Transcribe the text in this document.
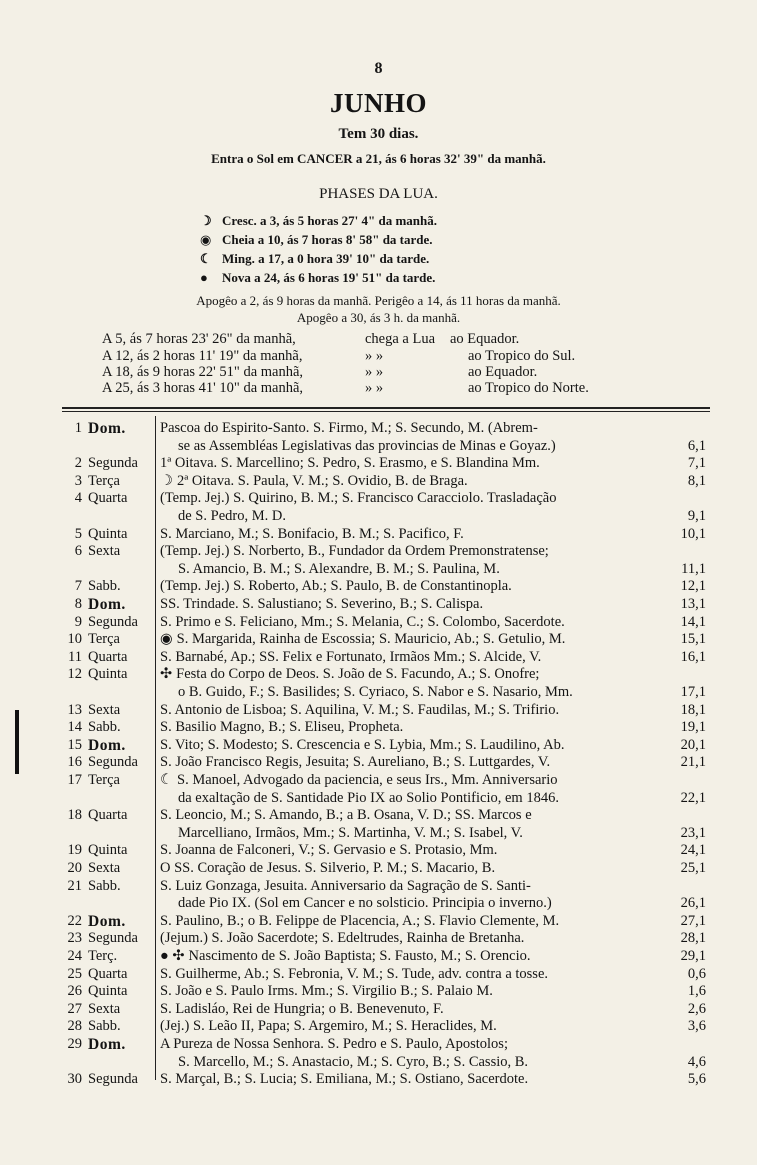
8
JUNHO
Tem 30 dias.
Entra o Sol em CANCER a 21, ás 6 horas 32' 39" da manhã.
PHASES DA LUA.
☽ Cresc. a 3, ás 5 horas 27' 4" da manhã.
◉ Cheia a 10, ás 7 horas 8' 58" da tarde.
☾ Ming. a 17, a 0 hora 39' 10" da tarde.
● Nova a 24, ás 6 horas 19' 51" da tarde.
Apogêo a 2, ás 9 horas da manhã. Perigêo a 14, ás 11 horas da manhã.
Apogêo a 30, ás 3 h. da manhã.
A 5, ás 7 horas 23' 26" da manhã,	chega a Lua ao Equador.
A 12, ás 2 horas 11' 19" da manhã,	» »	ao Tropico do Sul.
A 18, ás 9 horas 22' 51" da manhã,	» »	ao Equador.
A 25, ás 3 horas 41' 10" da manhã,	» »	ao Tropico do Norte.
1 Dom. Pascoa do Espirito-Santo. S. Firmo, M.; S. Secundo, M. (Abrem-
se as Assembléas Legislativas das provincias de Minas e Goyaz.)	6,1
2 Segunda 1ª Oitava. S. Marcellino; S. Pedro, S. Erasmo, e S. Blandina Mm.	7,1
3 Terça	☽ 2ª Oitava. S. Paula, V. M.; S. Ovidio, B. de Braga.	8,1
4 Quarta (Temp. Jej.) S. Quirino, B. M.; S. Francisco Caracciolo. Trasladação
de S. Pedro, M. D.	9,1
5 Quinta S. Marciano, M.; S. Bonifacio, B. M.; S. Pacifico, F.	10,1
6 Sexta	(Temp. Jej.) S. Norberto, B., Fundador da Ordem Premonstratense;
S. Amancio, B. M.; S. Alexandre, B. M.; S. Paulina, M.	11,1
7 Sabb.	(Temp. Jej.) S. Roberto, Ab.; S. Paulo, B. de Constantinopla.	12,1
8 Dom. SS. Trindade. S. Salustiano; S. Severino, B.; S. Calispa.	13,1
9 Segunda S. Primo e S. Feliciano, Mm.; S. Melania, C.; S. Colombo, Sacerdote.	14,1
10 Terça	◉ S. Margarida, Rainha de Escossia; S. Mauricio, Ab.; S. Getulio, M.	15,1
11 Quarta S. Barnabé, Ap.; SS. Felix e Fortunato, Irmãos Mm.; S. Alcide, V.	16,1
12 Quinta ✣ Festa do Corpo de Deos. S. João de S. Facundo, A.; S. Onofre;
o B. Guido, F.; S. Basilides; S. Cyriaco, S. Nabor e S. Nasario, Mm.	17,1
13 Sexta	S. Antonio de Lisboa; S. Aquilina, V. M.; S. Faudilas, M.; S. Trifirio.	18,1
14 Sabb.	S. Basilio Magno, B.; S. Eliseu, Propheta.	19,1
15 Dom. S. Vito; S. Modesto; S. Crescencia e S. Lybia, Mm.; S. Laudilino, Ab.	20,1
16 Segunda S. João Francisco Regis, Jesuita; S. Aureliano, B.; S. Luttgardes, V.	21,1
17 Terça	☾ S. Manoel, Advogado da paciencia, e seus Irs., Mm. Anniversario
da exaltação de S. Santidade Pio IX ao Solio Pontificio, em 1846.	22,1
18 Quarta S. Leoncio, M.; S. Amando, B.; a B. Osana, V. D.; SS. Marcos e
Marcelliano, Irmãos, Mm.; S. Martinha, V. M.; S. Isabel, V.	23,1
19 Quinta S. Joanna de Falconeri, V.; S. Gervasio e S. Protasio, Mm.	24,1
20 Sexta	O SS. Coração de Jesus. S. Silverio, P. M.; S. Macario, B.	25,1
21 Sabb.	S. Luiz Gonzaga, Jesuita. Anniversario da Sagração de S. Santi-
dade Pio IX. (Sol em Cancer e no solsticio. Principia o inverno.)	26,1
22 Dom. S. Paulino, B.; o B. Felippe de Placencia, A.; S. Flavio Clemente, M.	27,1
23 Segunda (Jejum.) S. João Sacerdote; S. Edeltrudes, Rainha de Bretanha.	28,1
24 Terç.	● ✣ Nascimento de S. João Baptista; S. Fausto, M.; S. Orencio.	29,1
25 Quarta S. Guilherme, Ab.; S. Febronia, V. M.; S. Tude, adv. contra a tosse.	0,6
26 Quinta S. João e S. Paulo Irms. Mm.; S. Virgilio B.; S. Palaio M.	1,6
27 Sexta	S. Ladisláo, Rei de Hungria; o B. Benevenuto, F.	2,6
28 Sabb.	(Jej.) S. Leão II, Papa; S. Argemiro, M.; S. Heraclides, M.	3,6
29 Dom. A Pureza de Nossa Senhora. S. Pedro e S. Paulo, Apostolos;
S. Marcello, M.; S. Anastacio, M.; S. Cyro, B.; S. Cassio, B.	4,6
30 Segunda S. Marçal, B.; S. Lucia; S. Emiliana, M.; S. Ostiano, Sacerdote.	5,6
